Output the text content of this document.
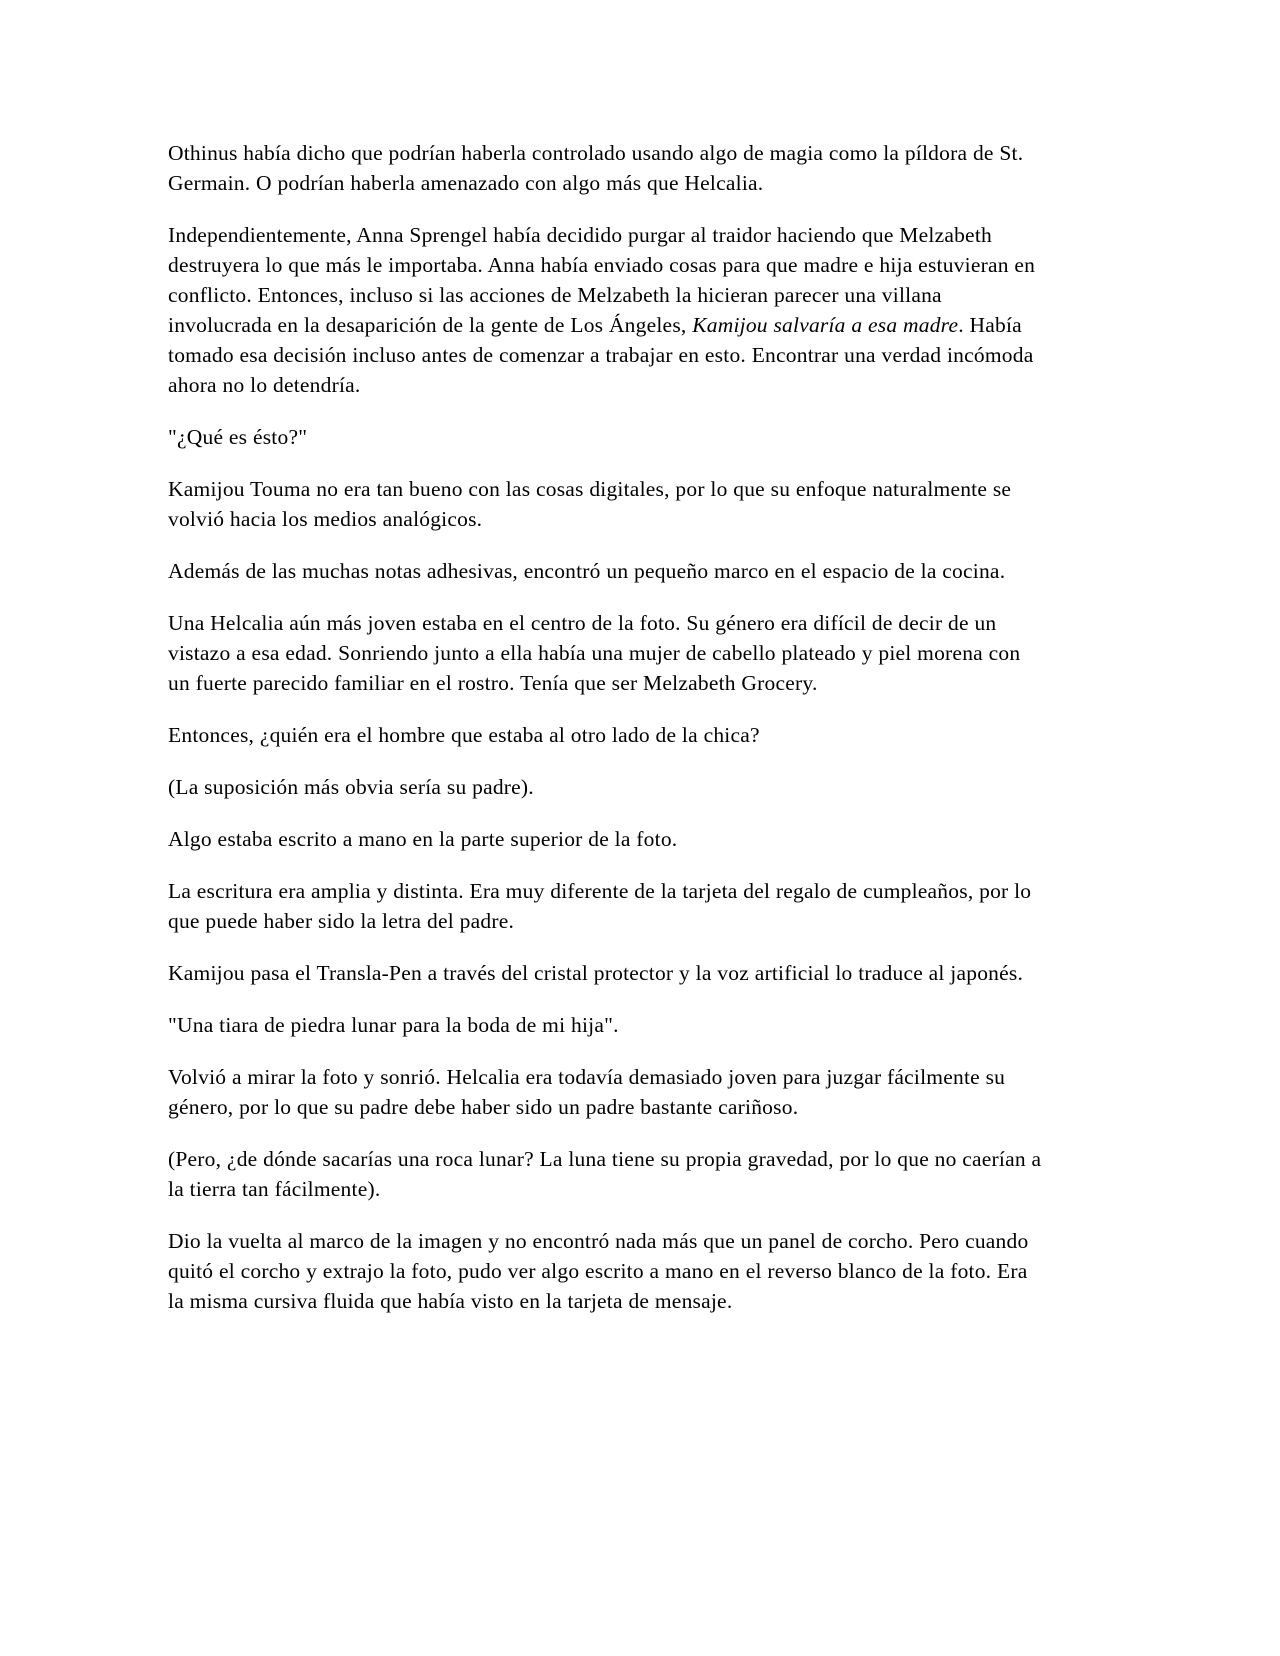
Othinus había dicho que podrían haberla controlado usando algo de magia como la píldora de St. Germain. O podrían haberla amenazado con algo más que Helcalia.

Independientemente, Anna Sprengel había decidido purgar al traidor haciendo que Melzabeth destruyera lo que más le importaba. Anna había enviado cosas para que madre e hija estuvieran en conflicto. Entonces, incluso si las acciones de Melzabeth la hicieran parecer una villana involucrada en la desaparición de la gente de Los Ángeles, Kamijou salvaría a esa madre. Había tomado esa decisión incluso antes de comenzar a trabajar en esto. Encontrar una verdad incómoda ahora no lo detendría.

"¿Qué es ésto?"

Kamijou Touma no era tan bueno con las cosas digitales, por lo que su enfoque naturalmente se volvió hacia los medios analógicos.

Además de las muchas notas adhesivas, encontró un pequeño marco en el espacio de la cocina.

Una Helcalia aún más joven estaba en el centro de la foto. Su género era difícil de decir de un vistazo a esa edad. Sonriendo junto a ella había una mujer de cabello plateado y piel morena con un fuerte parecido familiar en el rostro. Tenía que ser Melzabeth Grocery.

Entonces, ¿quién era el hombre que estaba al otro lado de la chica?

(La suposición más obvia sería su padre).

Algo estaba escrito a mano en la parte superior de la foto.

La escritura era amplia y distinta. Era muy diferente de la tarjeta del regalo de cumpleaños, por lo que puede haber sido la letra del padre.

Kamijou pasa el Transla-Pen a través del cristal protector y la voz artificial lo traduce al japonés.

"Una tiara de piedra lunar para la boda de mi hija".

Volvió a mirar la foto y sonrió. Helcalia era todavía demasiado joven para juzgar fácilmente su género, por lo que su padre debe haber sido un padre bastante cariñoso.

(Pero, ¿de dónde sacarías una roca lunar? La luna tiene su propia gravedad, por lo que no caerían a la tierra tan fácilmente).

Dio la vuelta al marco de la imagen y no encontró nada más que un panel de corcho. Pero cuando quitó el corcho y extrajo la foto, pudo ver algo escrito a mano en el reverso blanco de la foto. Era la misma cursiva fluida que había visto en la tarjeta de mensaje.
